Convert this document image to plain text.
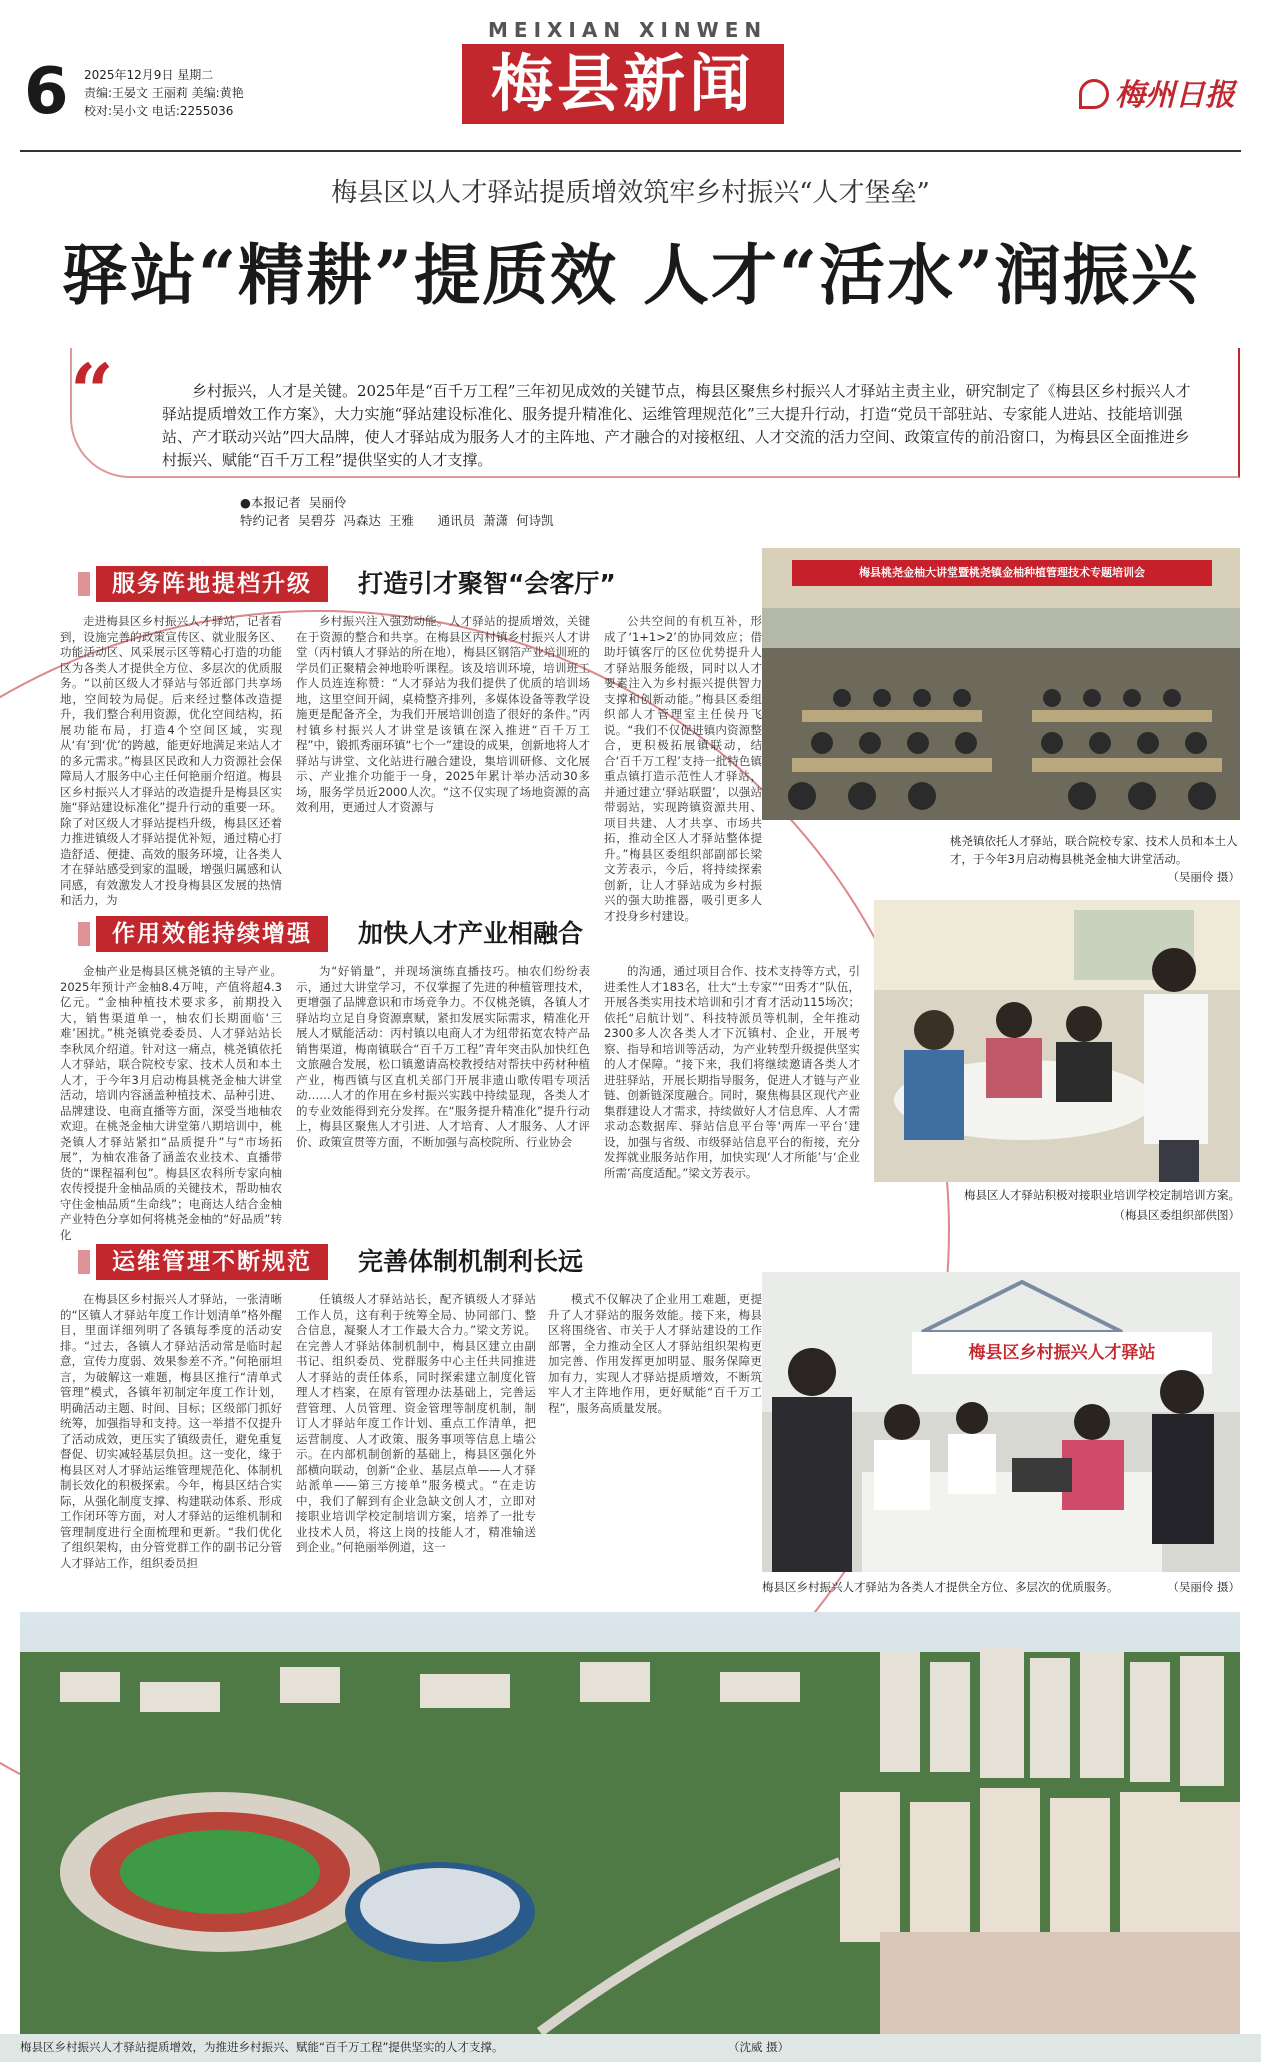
6 2025年12月9日 星期二
责编:王晏文 王丽莉 美编:黄艳
校对:吴小文 电话:2255036
MEIXIAN XINWEN
梅县新闻	梅州日报
梅县区以人才驿站提质增效筑牢乡村振兴“人才堡垒”
驿站“精耕”提质效 人才“活水”润振兴
“	乡村振兴，人才是关键。2025年是“百千万工程”三年初见成效的关键节点，梅县区聚焦乡村振兴人才驿站主责主业，研究制定了《梅县区乡村振兴人才驿站提质增效工作方案》，大力实施“驿站建设标准化、服务提升精准化、运维管理规范化”三大提升行动，打造“党员干部驻站、专家能人进站、技能培训强站、产才联动兴站”四大品牌，使人才驿站成为服务人才的主阵地、产才融合的对接枢纽、人才交流的活力空间、政策宣传的前沿窗口，为梅县区全面推进乡村振兴、赋能“百千万工程”提供坚实的人才支撑。
●本报记者  吴丽伶
特约记者  吴碧芬  冯森达  王雅      通讯员  萧潇  何诗凯
服务阵地提档升级	打造引才聚智“会客厅”
走进梅县区乡村振兴人才驿站，记者看到，设施完善的政策宣传区、就业服务区、功能活动区、风采展示区等精心打造的功能区为各类人才提供全方位、多层次的优质服务。“以前区级人才驿站与邻近部门共享场地，空间较为局促。后来经过整体改造提升，我们整合利用资源，优化空间结构，拓展功能布局，打造4个空间区域，实现从‘有’到‘优’的跨越，能更好地满足来站人才的多元需求。”梅县区民政和人力资源社会保障局人才服务中心主任何艳丽介绍道。梅县区乡村振兴人才驿站的改造提升是梅县区实施“驿站建设标准化”提升行动的重要一环。除了对区级人才驿站提档升级，梅县区还着力推进镇级人才驿站提优补短，通过精心打造舒适、便捷、高效的服务环境，让各类人才在驿站感受到家的温暖，增强归属感和认同感，有效激发人才投身梅县区发展的热情和活力，为
乡村振兴注入强劲动能。人才驿站的提质增效，关键在于资源的整合和共享。在梅县区丙村镇乡村振兴人才讲堂（丙村镇人才驿站的所在地），梅县区钢箔产业培训班的学员们正聚精会神地聆听课程。该及培训环境，培训班工作人员连连称赞：“人才驿站为我们提供了优质的培训场地，这里空间开阔，桌椅整齐排列，多媒体设备等教学设施更是配备齐全，为我们开展培训创造了很好的条件。”丙村镇乡村振兴人才讲堂是该镇在深入推进“百千万工程”中，锻抓秀丽环镇“七个一”建设的成果，创新地将人才驿站与讲堂、文化站进行融合建设，集培训研修、文化展示、产业推介功能于一身，2025年累计举办活动30多场，服务学员近2000人次。“这不仅实现了场地资源的高效利用，更通过人才资源与
公共空间的有机互补，形成了‘1+1>2’的协同效应；借助圩镇客厅的区位优势提升人才驿站服务能级，同时以人才要素注入为乡村振兴提供智力支撑和创新动能。”梅县区委组织部人才管理室主任侯丹飞说。“我们不仅促进镇内资源整合，更积极拓展镇联动，结合‘百千万工程’支持一批特色镇重点镇打造示范性人才驿站，并通过建立‘驿站联盟’，以强站带弱站，实现跨镇资源共用、项目共建、人才共享、市场共拓，推动全区人才驿站整体提升。”梅县区委组织部副部长梁文芳表示，今后，将持续探索创新，让人才驿站成为乡村振兴的强大助推器，吸引更多人才投身乡村建设。
梅县桃尧金柚大讲堂暨桃尧镇金柚种植管理技术专题培训会
桃尧镇依托人才驿站，联合院校专家、技术人员和本土人才，于今年3月启动梅县桃尧金柚大讲堂活动。
（吴丽伶 摄）
作用效能持续增强	加快人才产业相融合
金柚产业是梅县区桃尧镇的主导产业。2025年预计产金柚8.4万吨，产值将超4.3亿元。“金柚种植技术要求多，前期投入大，销售渠道单一，柚农们长期面临‘三难’困扰。”桃尧镇党委委员、人才驿站站长李秋凤介绍道。针对这一痛点，桃尧镇依托人才驿站，联合院校专家、技术人员和本土人才，于今年3月启动梅县桃尧金柚大讲堂活动，培训内容涵盖种植技术、品种引进、品牌建设、电商直播等方面，深受当地柚农欢迎。在桃尧金柚大讲堂第八期培训中，桃尧镇人才驿站紧扣“品质提升”与“市场拓展”，为柚农准备了涵盖农业技术、直播带货的“课程福利包”。梅县区农科所专家向柚农传授提升金柚品质的关键技术，帮助柚农守住金柚品质“生命线”；电商达人结合金柚产业特色分享如何将桃尧金柚的“好品质”转化
为“好销量”，并现场演练直播技巧。柚农们纷纷表示，通过大讲堂学习，不仅掌握了先进的种植管理技术，更增强了品牌意识和市场竞争力。不仅桃尧镇，各镇人才驿站均立足自身资源禀赋，紧扣发展实际需求，精准化开展人才赋能活动：丙村镇以电商人才为纽带拓宽农特产品销售渠道，梅南镇联合“百千万工程”青年突击队加快红色文旅融合发展，松口镇邀请高校教授结对帮扶中药材种植产业，梅西镇与区直机关部门开展非遗山歌传唱专项活动……人才的作用在乡村振兴实践中持续显现，各类人才的专业效能得到充分发挥。在“服务提升精准化”提升行动上，梅县区聚焦人才引进、人才培育、人才服务、人才评价、政策宣贯等方面，不断加强与高校院所、行业协会
的沟通，通过项目合作、技术支持等方式，引进柔性人才183名，壮大“土专家”“田秀才”队伍，开展各类实用技术培训和引才育才活动115场次；依托“启航计划”、科技特派员等机制，全年推动2300多人次各类人才下沉镇村、企业，开展考察、指导和培训等活动，为产业转型升级提供坚实的人才保障。“接下来，我们将继续邀请各类人才进驻驿站，开展长期指导服务，促进人才链与产业链、创新链深度融合。同时，聚焦梅县区现代产业集群建设人才需求，持续做好人才信息库、人才需求动态数据库、驿站信息平台等‘两库一平台’建设，加强与省级、市级驿站信息平台的衔接，充分发挥就业服务站作用，加快实现‘人才所能’与‘企业所需’高度适配。”梁文芳表示。
梅县区人才驿站积极对接职业培训学校定制培训方案。
（梅县区委组织部供图）
运维管理不断规范	完善体制机制利长远
在梅县区乡村振兴人才驿站，一张清晰的“区镇人才驿站年度工作计划清单”格外醒目，里面详细列明了各镇每季度的活动安排。“过去，各镇人才驿站活动常是临时起意，宣传力度弱、效果参差不齐。”何艳丽坦言，为破解这一难题，梅县区推行“清单式管理”模式，各镇年初制定年度工作计划，明确活动主题、时间、目标；区级部门抓好统筹，加强指导和支持。这一举措不仅提升了活动成效，更压实了镇级责任，避免重复督促、切实减轻基层负担。这一变化，缘于梅县区对人才驿站运维管理规范化、体制机制长效化的积极探索。今年，梅县区结合实际，从强化制度支撑、构建联动体系、形成工作闭环等方面，对人才驿站的运维机制和管理制度进行全面梳理和更新。“我们优化了组织架构，由分管党群工作的副书记分管人才驿站工作，组织委员担
任镇级人才驿站站长，配齐镇级人才驿站工作人员，这有利于统筹全局、协同部门、整合信息，凝聚人才工作最大合力。”梁文芳说。在完善人才驿站体制机制中，梅县区建立由副书记、组织委员、党群服务中心主任共同推进人才驿站的责任体系，同时探索建立制度化管理人才档案，在原有管理办法基础上，完善运营管理、人员管理、资金管理等制度机制，制订人才驿站年度工作计划、重点工作清单，把运营制度、人才政策、服务事项等信息上墙公示。在内部机制创新的基础上，梅县区强化外部横向联动，创新“企业、基层点单——人才驿站派单——第三方接单”服务模式。“在走访中，我们了解到有企业急缺文创人才，立即对接职业培训学校定制培训方案，培养了一批专业技术人员，将这上岗的技能人才，精准输送到企业。”何艳丽举例道，这一
模式不仅解决了企业用工难题，更提升了人才驿站的服务效能。接下来，梅县区将围绕省、市关于人才驿站建设的工作部署，全力推动全区人才驿站组织架构更加完善、作用发挥更加明显、服务保障更加有力，实现人才驿站提质增效，不断筑牢人才主阵地作用，更好赋能“百千万工程”，服务高质量发展。
梅县区乡村振兴人才驿站
梅县区乡村振兴人才驿站为各类人才提供全方位、多层次的优质服务。	（吴丽伶 摄）
梅县区乡村振兴人才驿站提质增效，为推进乡村振兴、赋能“百千万工程”提供坚实的人才支撑。	（沈威 摄）
